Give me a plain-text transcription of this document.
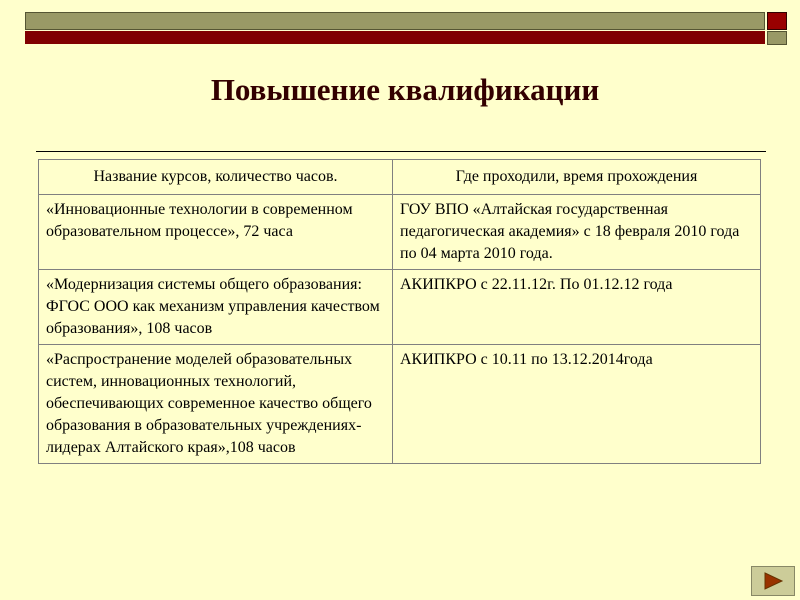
Повышение квалификации
Название курсов, количество часов.	Где проходили, время прохождения
«Инновационные технологии в современном образовательном процессе», 72 часа	ГОУ ВПО «Алтайская государственная педагогическая академия» с 18 февраля 2010 года по 04 марта 2010 года.
«Модернизация системы общего образования: ФГОС ООО как механизм управления качеством образования», 108 часов	АКИПКРО с 22.11.12г. По 01.12.12 года
«Распространение моделей образовательных систем, инновационных технологий, обеспечивающих современное качество общего образования в образовательных учреждениях- лидерах Алтайского края»,108 часов	АКИПКРО с 10.11 по 13.12.2014года
